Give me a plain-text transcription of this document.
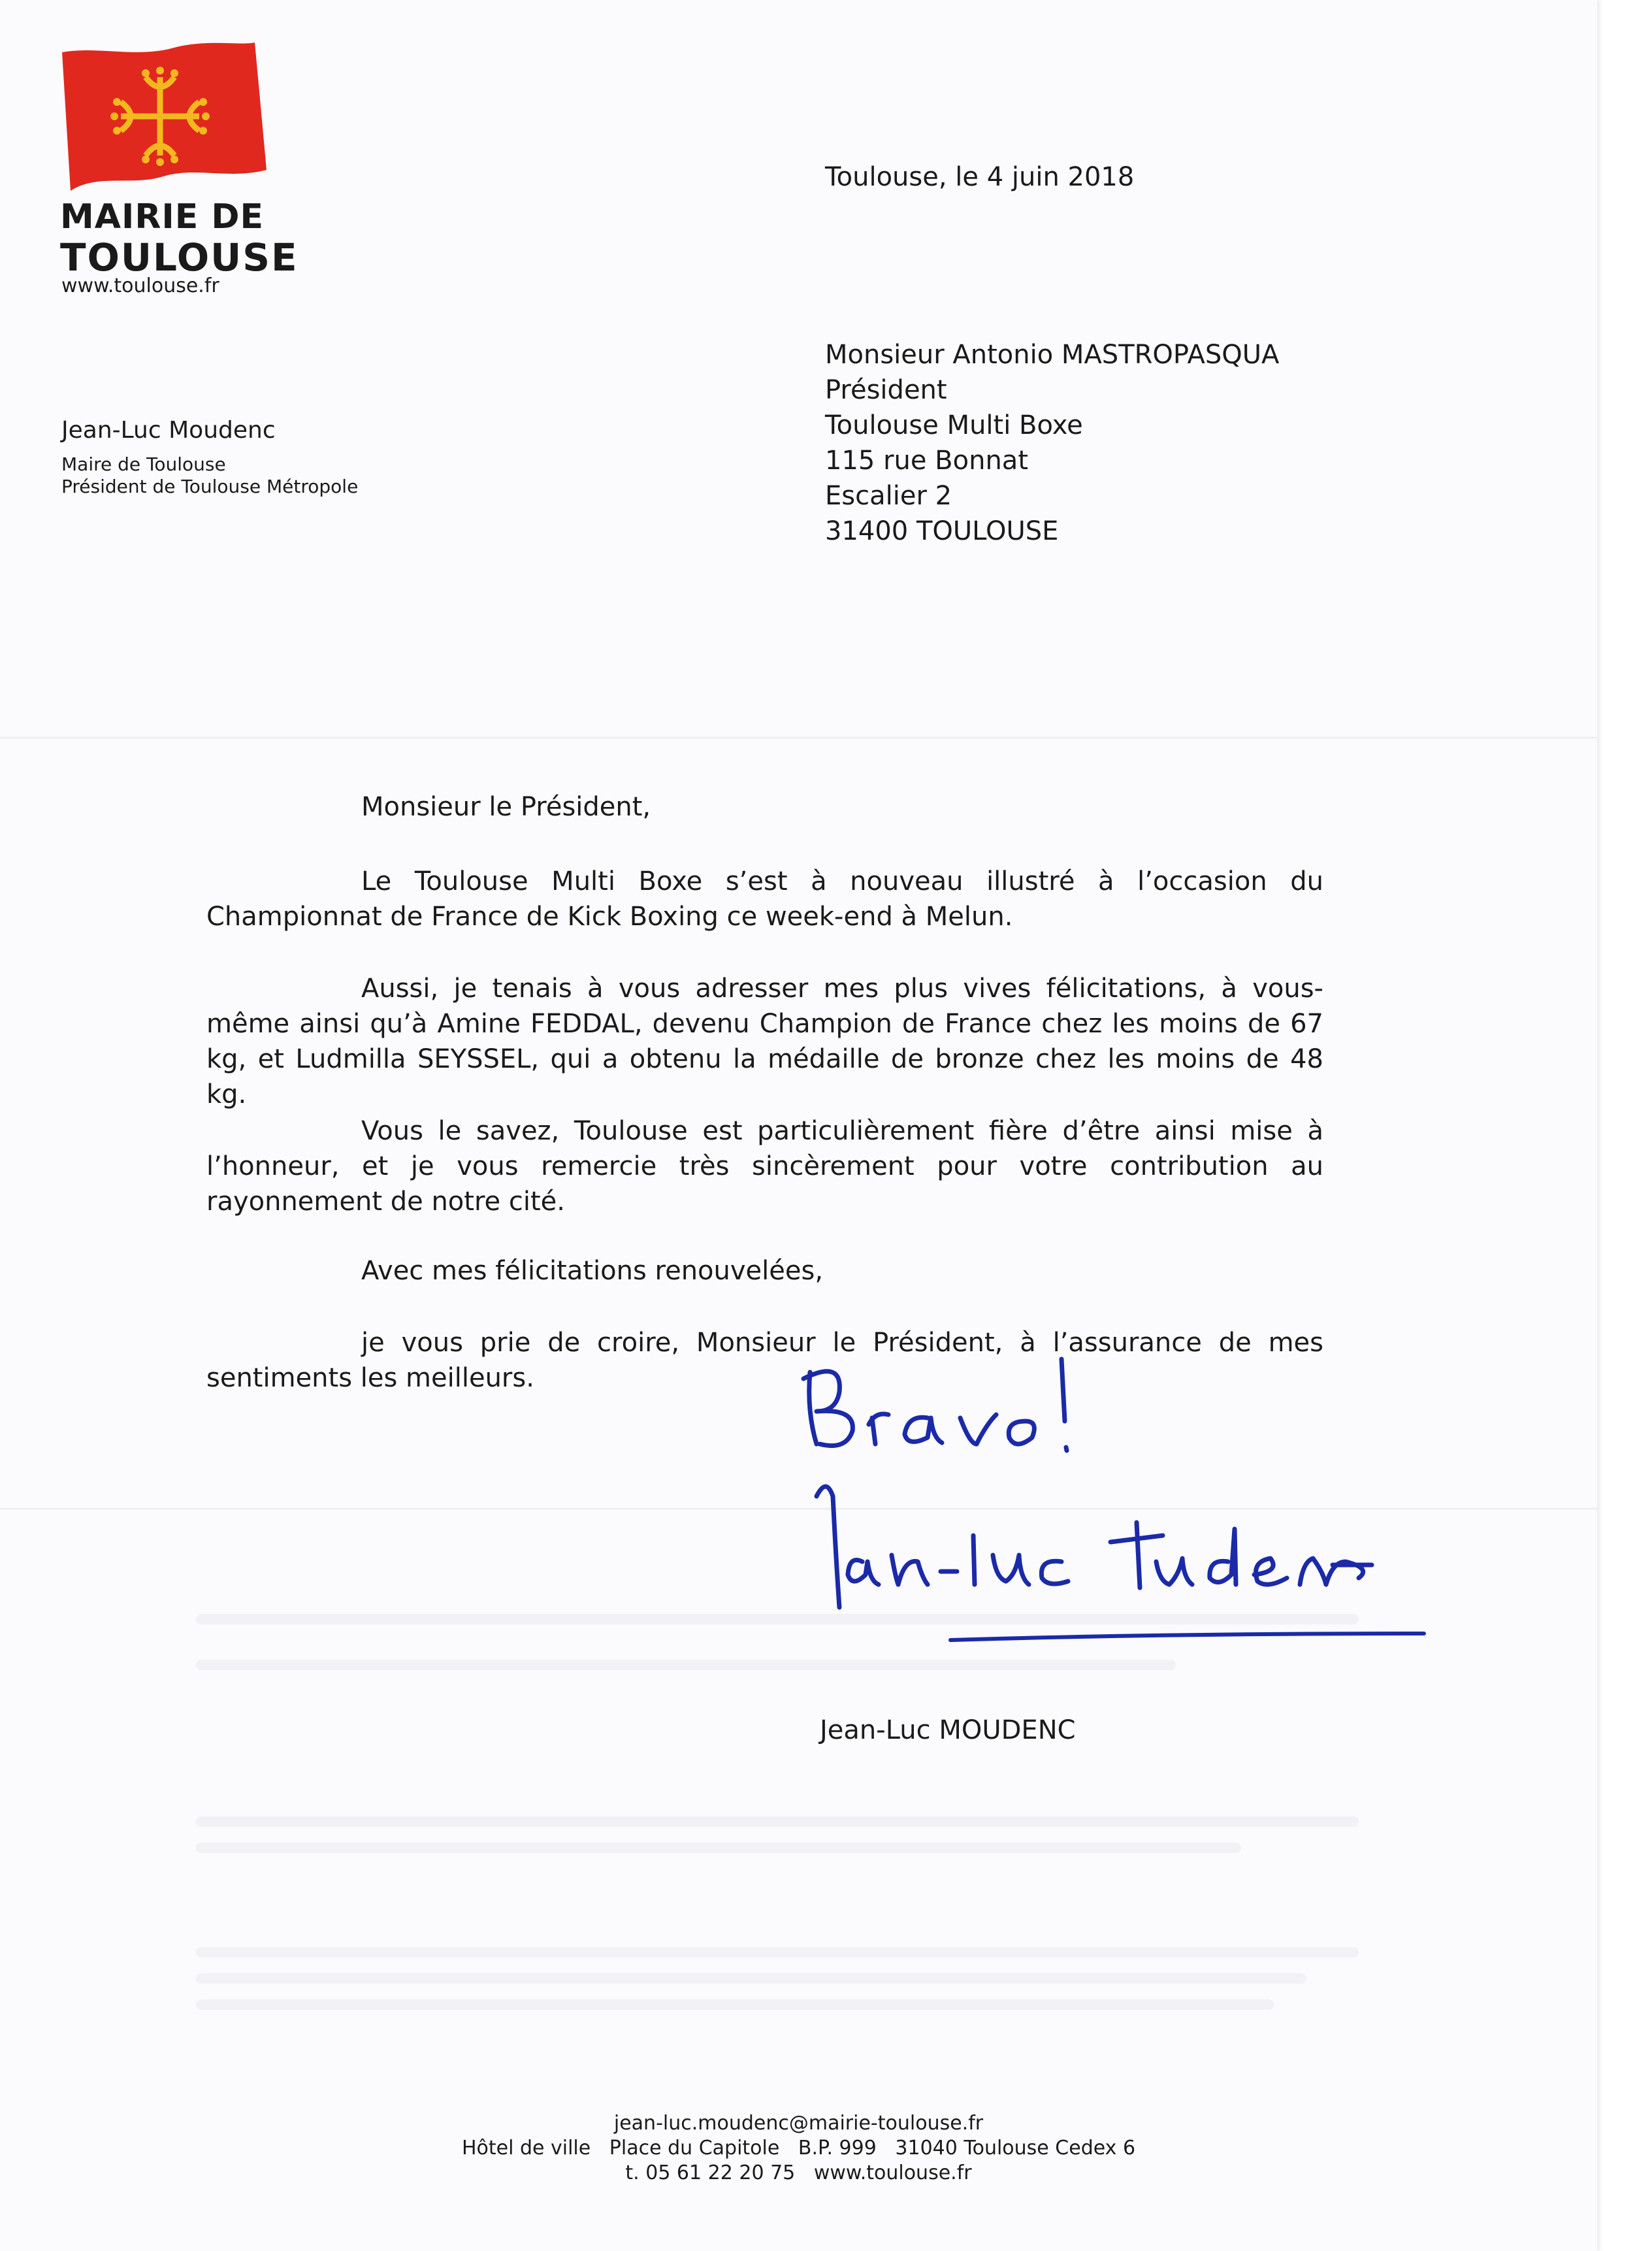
MAIRIE DE
TOULOUSE
www.toulouse.fr
Jean-Luc Moudenc
Maire de Toulouse
Président de Toulouse Métropole
Toulouse, le 4 juin 2018
Monsieur Antonio MASTROPASQUA
Président
Toulouse Multi Boxe
115 rue Bonnat
Escalier 2
31400 TOULOUSE
Monsieur le Président,

Le Toulouse Multi Boxe s’est à nouveau illustré à l’occasion du Championnat de France de Kick Boxing ce week-end à Melun.

Aussi, je tenais à vous adresser mes plus vives félicitations, à vous-même ainsi qu’à Amine FEDDAL, devenu Champion de France chez les moins de 67 kg, et Ludmilla SEYSSEL, qui a obtenu la médaille de bronze chez les moins de 48 kg.

Vous le savez, Toulouse est particulièrement fière d’être ainsi mise à l’honneur, et je vous remercie très sincèrement pour votre contribution au rayonnement de notre cité.

Avec mes félicitations renouvelées,

je vous prie de croire, Monsieur le Président, à l’assurance de mes sentiments les meilleurs.

Jean-Luc MOUDENC
jean-luc.moudenc@mairie-toulouse.fr
Hôtel de ville   Place du Capitole   B.P. 999   31040 Toulouse Cedex 6
t. 05 61 22 20 75   www.toulouse.fr
